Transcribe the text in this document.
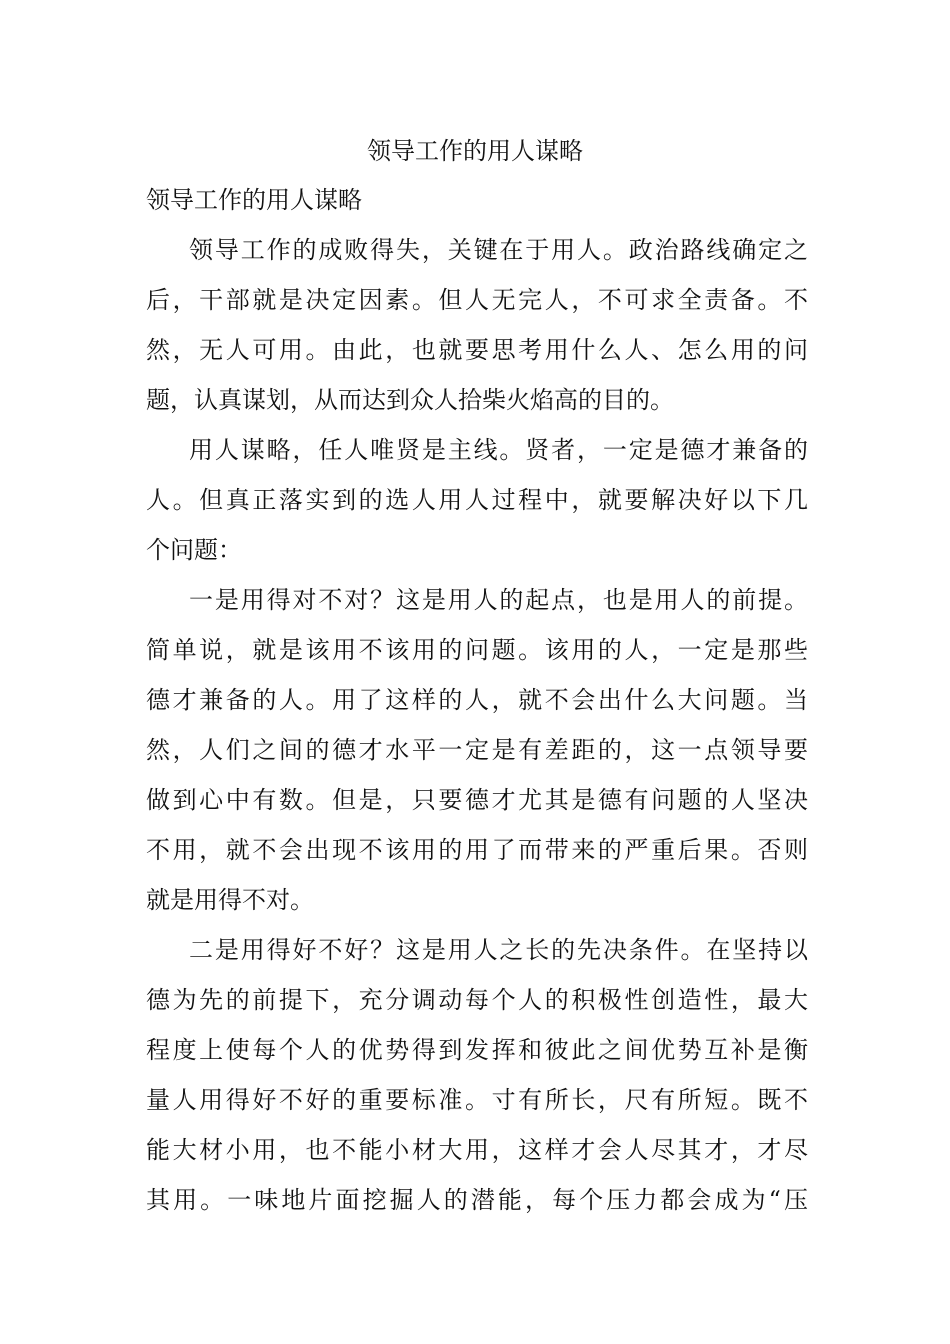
领导工作的用人谋略
领导工作的用人谋略
领导工作的成败得失，关键在于用人。政治路线确定之
后，干部就是决定因素。但人无完人，不可求全责备。不
然，无人可用。由此，也就要思考用什么人、怎么用的问
题，认真谋划，从而达到众人拾柴火焰高的目的。
用人谋略，任人唯贤是主线。贤者，一定是德才兼备的
人。但真正落实到的选人用人过程中，就要解决好以下几
个问题：
一是用得对不对？这是用人的起点，也是用人的前提。
简单说，就是该用不该用的问题。该用的人，一定是那些
德才兼备的人。用了这样的人，就不会出什么大问题。当
然，人们之间的德才水平一定是有差距的，这一点领导要
做到心中有数。但是，只要德才尤其是德有问题的人坚决
不用，就不会出现不该用的用了而带来的严重后果。否则
就是用得不对。
二是用得好不好？这是用人之长的先决条件。在坚持以
德为先的前提下，充分调动每个人的积极性创造性，最大
程度上使每个人的优势得到发挥和彼此之间优势互补是衡
量人用得好不好的重要标准。寸有所长，尺有所短。既不
能大材小用，也不能小材大用，这样才会人尽其才，才尽
其用。一味地片面挖掘人的潜能，每个压力都会成为“压
